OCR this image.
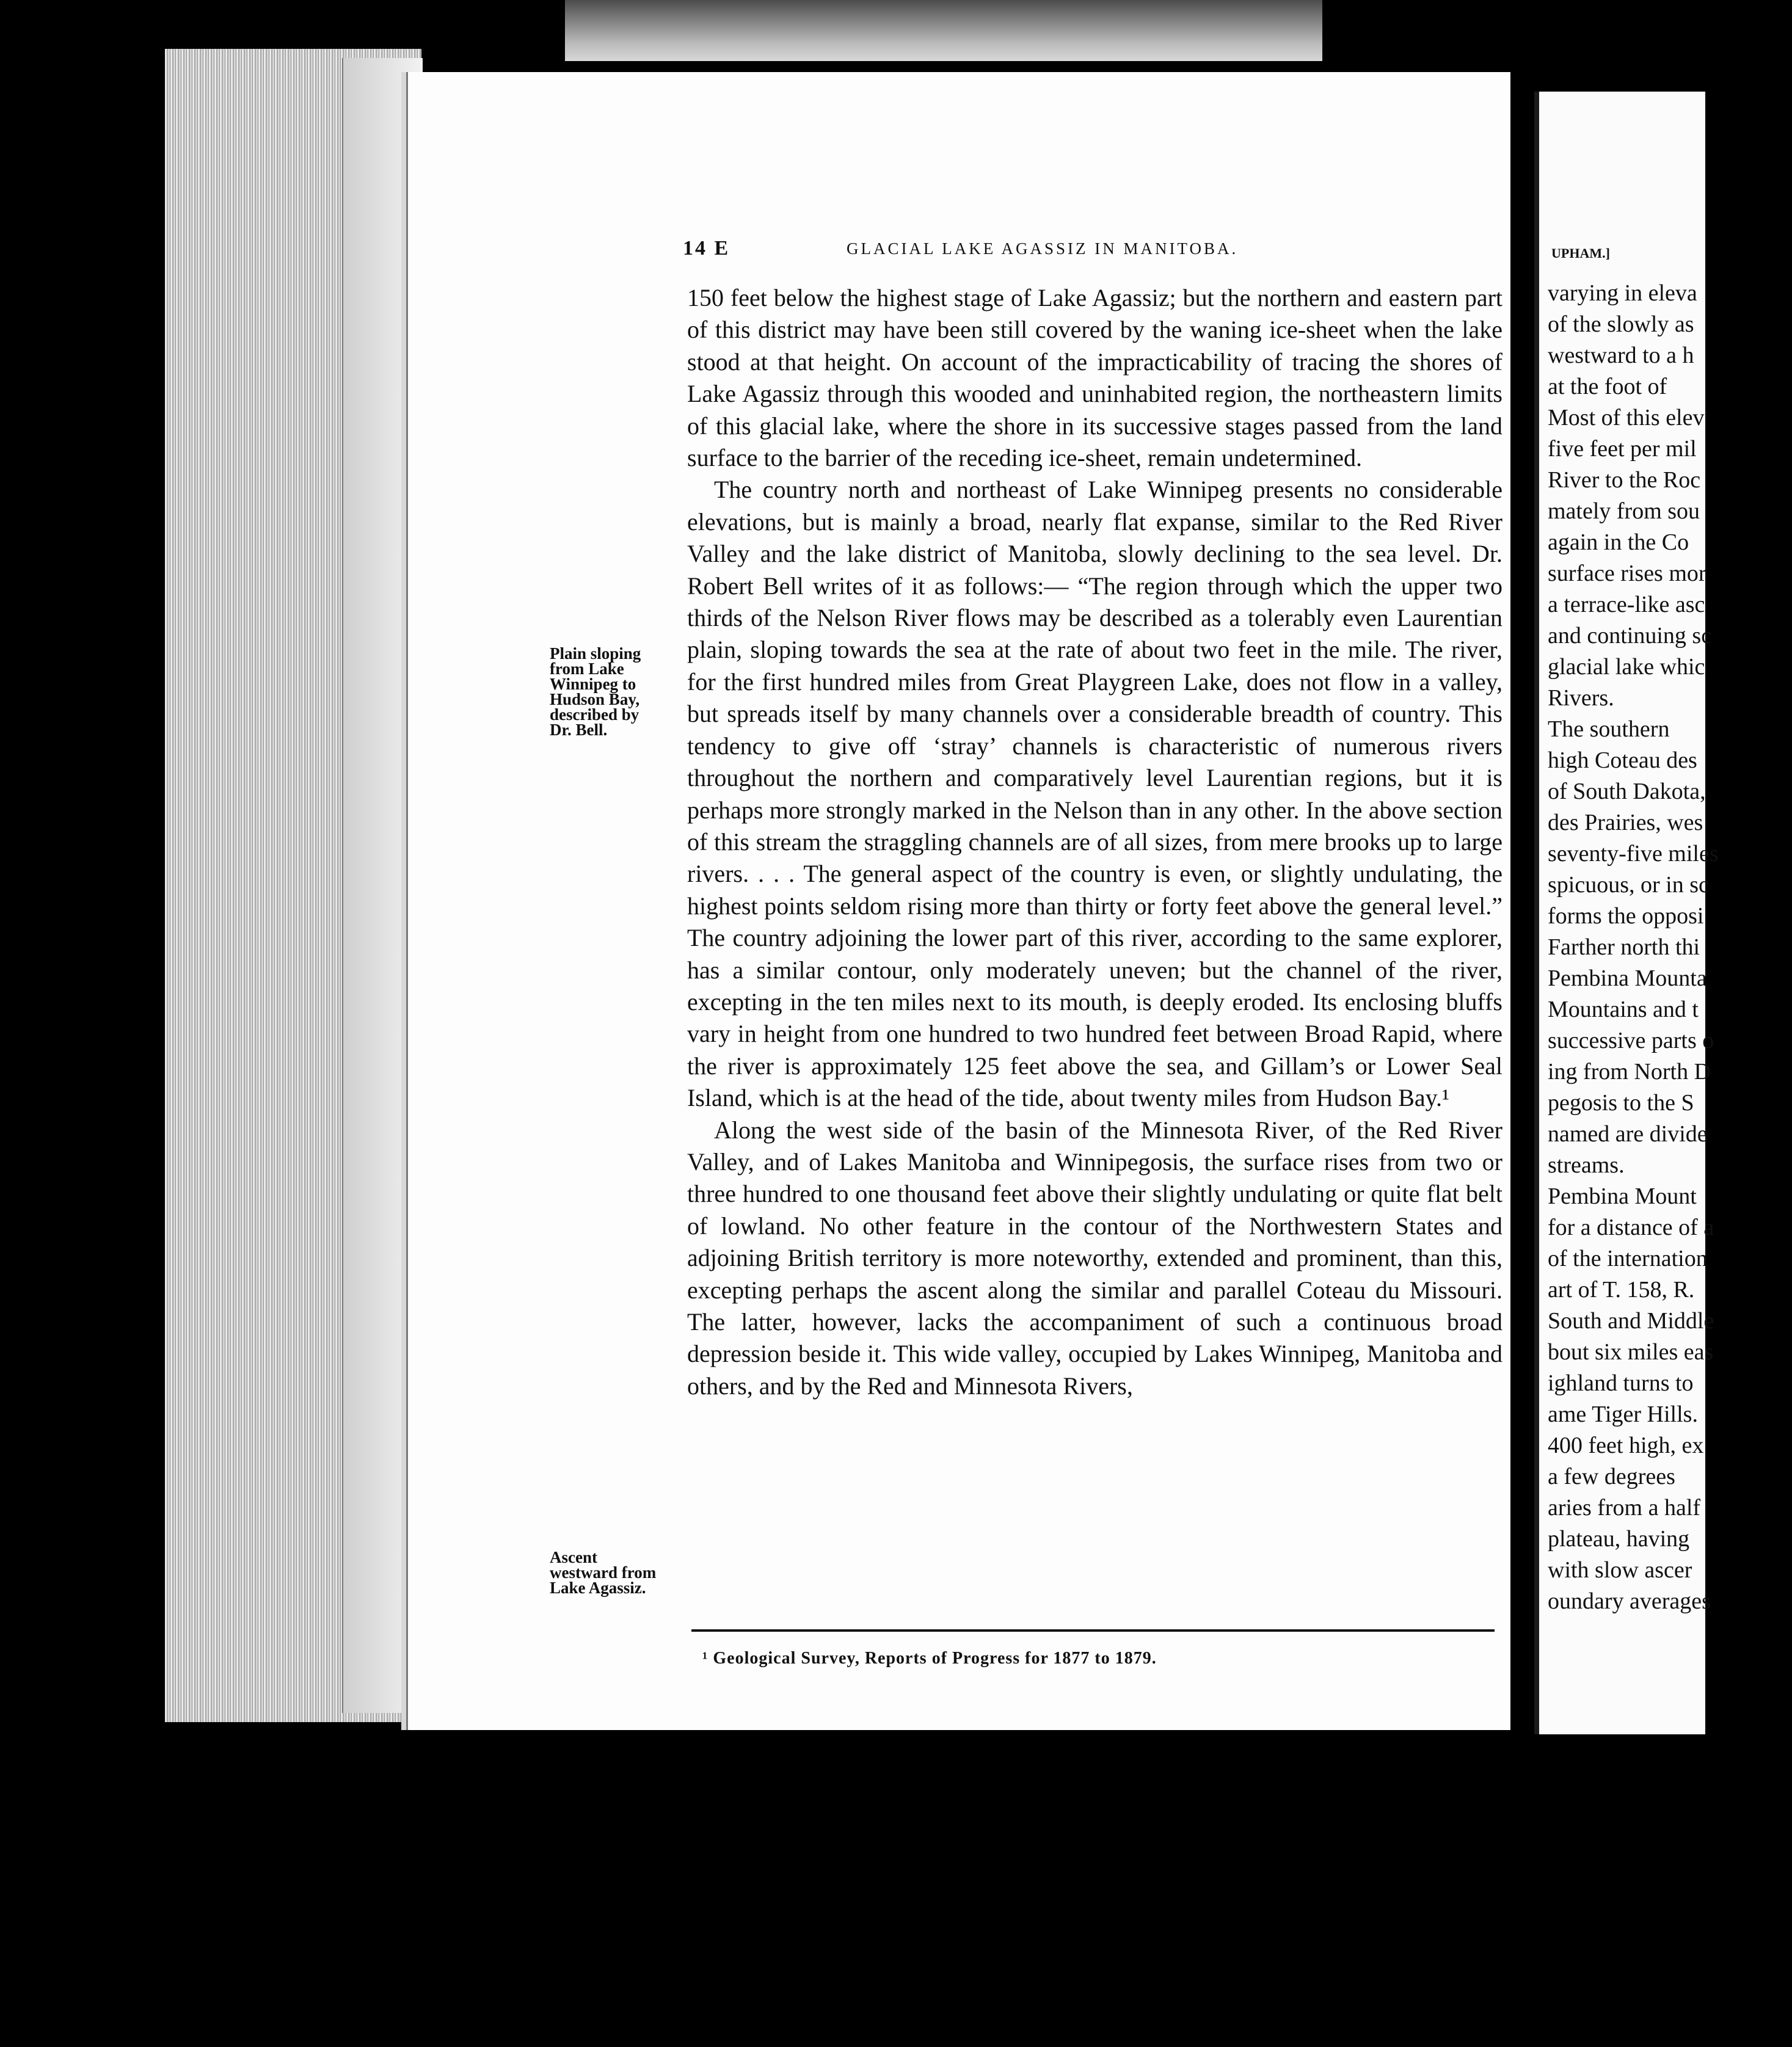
14 E	GLACIAL LAKE AGASSIZ IN MANITOBA.

150 feet below the highest stage of Lake Agassiz; but the northern and eastern part of this district may have been still covered by the waning ice-sheet when the lake stood at that height. On account of the impracticability of tracing the shores of Lake Agassiz through this wooded and uninhabited region, the northeastern limits of this glacial lake, where the shore in its successive stages passed from the land surface to the barrier of the receding ice-sheet, remain undetermined.

The country north and northeast of Lake Winnipeg presents no considerable elevations, but is mainly a broad, nearly flat expanse, similar to the Red River Valley and the lake district of Manitoba, slowly declining to the sea level. Dr. Robert Bell writes of it as follows:— “The region through which the upper two thirds of the Nelson River flows may be described as a tolerably even Laurentian plain, sloping towards the sea at the rate of about two feet in the mile. The river, for the first hundred miles from Great Playgreen Lake, does not flow in a valley, but spreads itself by many channels over a considerable breadth of country. This tendency to give off ‘stray’ channels is characteristic of numerous rivers throughout the northern and comparatively level Laurentian regions, but it is perhaps more strongly marked in the Nelson than in any other. In the above section of this stream the straggling channels are of all sizes, from mere brooks up to large rivers. . . . The general aspect of the country is even, or slightly undulating, the highest points seldom rising more than thirty or forty feet above the general level.” The country adjoining the lower part of this river, according to the same explorer, has a similar contour, only moderately uneven; but the channel of the river, excepting in the ten miles next to its mouth, is deeply eroded. Its enclosing bluffs vary in height from one hundred to two hundred feet between Broad Rapid, where the river is approximately 125 feet above the sea, and Gillam’s or Lower Seal Island, which is at the head of the tide, about twenty miles from Hudson Bay.¹

Along the west side of the basin of the Minnesota River, of the Red River Valley, and of Lakes Manitoba and Winnipegosis, the surface rises from two or three hundred to one thousand feet above their slightly undulating or quite flat belt of lowland. No other feature in the contour of the Northwestern States and adjoining British territory is more noteworthy, extended and prominent, than this, excepting perhaps the ascent along the similar and parallel Coteau du Missouri. The latter, however, lacks the accompaniment of such a continuous broad depression beside it. This wide valley, occupied by Lakes Winnipeg, Manitoba and others, and by the Red and Minnesota Rivers,

Plain sloping
from Lake
Winnipeg to
Hudson Bay,
described by
Dr. Bell.
Ascent
westward from
Lake Agassiz.
¹ Geological Survey, Reports of Progress for 1877 to 1879.
UPHAM.]
varying in eleva
of the slowly as
westward to a h
at the foot of
Most of this elev
five feet per mil
River to the Roc
mately from sou
again in the Co
surface rises mor
a terrace-like asc
and continuing sc
glacial lake whic
Rivers.
The southern
high Coteau des
of South Dakota,
des Prairies, wes
seventy-five miles
spicuous, or in sc
forms the opposi
Farther north thi
Pembina Mounta
Mountains and t
successive parts o
ing from North D
pegosis to the S
named are divide
streams.
Pembina Mount
for a distance of a
of the internation
art of T. 158, R.
South and Middle
bout six miles eas
ighland turns to
ame Tiger Hills.
400 feet high, ex
a few degrees
aries from a half
plateau, having
with slow ascer
oundary averages
